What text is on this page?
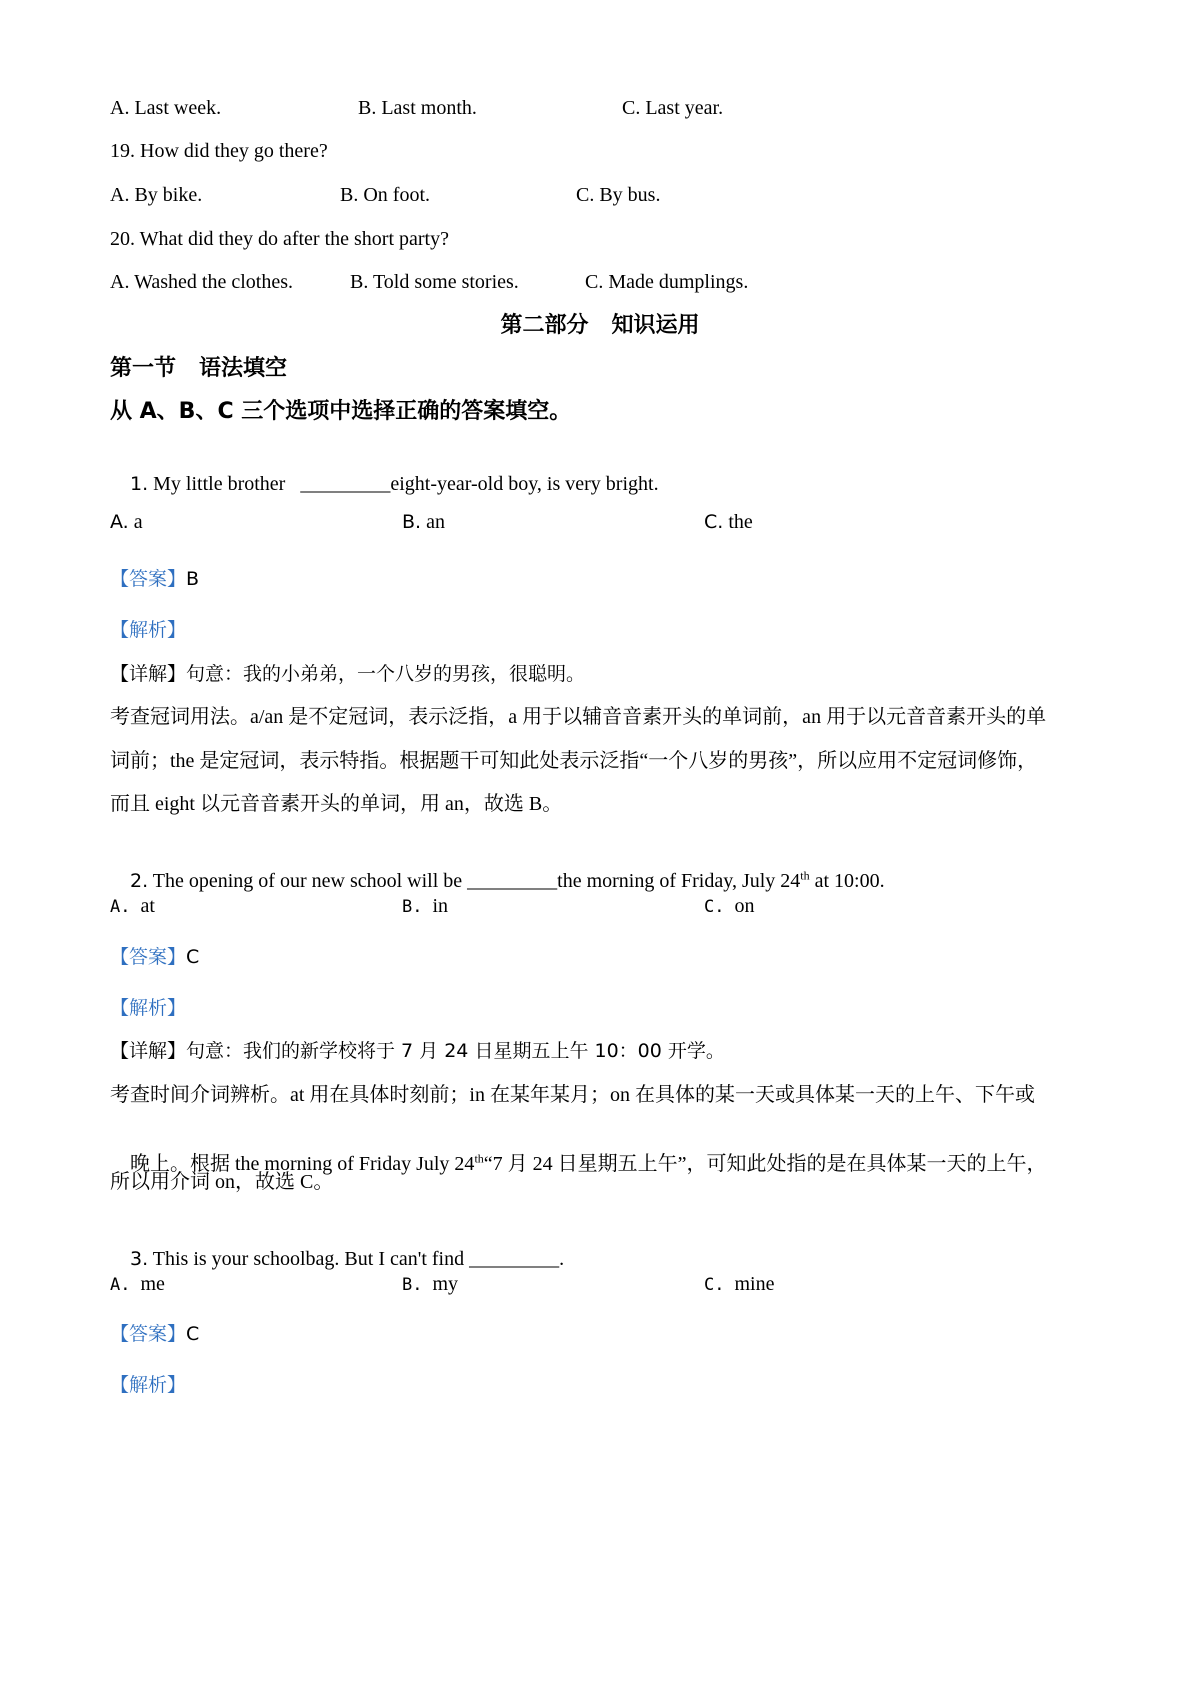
A. Last week.	B. Last month.	C. Last year.
19. How did they go there?
A. By bike.	B. On foot.	C. By bus.
20. What did they do after the short party?
A. Washed the clothes.	B. Told some stories.	C. Made dumplings.
第二部分   知识运用
第一节   语法填空
从 A、B、C 三个选项中选择正确的答案填空。

1. My little brother   _________eight-year-old boy, is very bright.

A. a	B. an	C. the
【答案】B
【解析】
【详解】句意：我的小弟弟，一个八岁的男孩，很聪明。
考查冠词用法。a/an 是不定冠词，表示泛指，a 用于以辅音音素开头的单词前，an 用于以元音音素开头的单
词前；the 是定冠词，表示特指。根据题干可知此处表示泛指“一个八岁的男孩”，所以应用不定冠词修饰，
而且 eight 以元音音素开头的单词，用 an，故选 B。

2. The opening of our new school will be _________the morning of Friday, July 24th at 10:00.

A.  at	B.  in	C.  on
【答案】C
【解析】
【详解】句意：我们的新学校将于 7 月 24 日星期五上午 10：00 开学。
考查时间介词辨析。at 用在具体时刻前；in 在某年某月；on 在具体的某一天或具体某一天的上午、下午或

晚上。根据 the morning of Friday July 24th“7 月 24 日星期五上午”，可知此处指的是在具体某一天的上午，

所以用介词 on，故选 C。

3. This is your schoolbag. But I can't find _________.

A.  me	B.  my	C.  mine
【答案】C
【解析】
